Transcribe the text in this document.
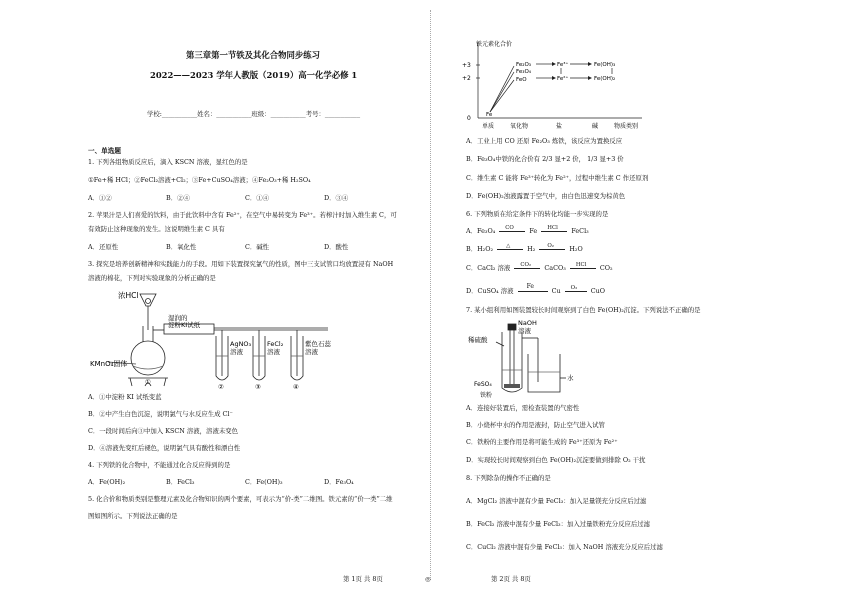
第三章第一节铁及其化合物同步练习
2022——2023 学年人教版（2019）高一化学必修 1
学校:___________姓名：___________班级：___________考号：___________
一、单选题
1. 下列各组物质反应后，滴入 KSCN 溶液，显红色的是
①Fe+稀 HCl；②FeCl₂溶液+Cl₂；③Fe+CuSO₄溶液；④Fe₂O₃+稀 H₂SO₄
A．①②	B．②④	C．①④	D．③④
2. 苹果汁是人们喜爱的饮料，由于此饮料中含有 Fe²⁺，在空气中易转变为 Fe³⁺。若榨汁时加入维生素 C，可
有效防止这种现象的发生。这说明维生素 C 具有
A．还原性	B．氧化性	C．碱性	D．酸性
3. 探究是培养创新精神和实践能力的手段。用如下装置探究氯气的性质，图中三支试管口均放置浸有 NaOH
溶液的棉花，下列对实验现象的分析正确的是
浓HCl
湿润的
淀粉KI试纸
KMnO₄固体
AgNO₃
溶液
FeCl₂
溶液
紫色石蕊
溶液
①
②	③	④
A．①中淀粉 KI 试纸变蓝
B．②中产生白色沉淀，说明氯气与水反应生成 Cl⁻
C．一段时间后向③中加入 KSCN 溶液，溶液未变色
D．④溶液先变红后褪色，说明氯气具有酸性和漂白性
4. 下列铁的化合物中，不能通过化合反应得到的是
A．Fe(OH)₂	B．FeCl₃	C．Fe(OH)₃	D．Fe₃O₄
5. 化合价和物质类别是整理元素及化合物知识的两个要素，可表示为“价-类”二维图。铁元素的“价一类”二维
图如图所示。下列说法正确的是
铁元素化合价
+3
+2
0	Fe
Fe₂O₃
Fe₃O₄
FeO
Fe³⁺
Fe²⁺
Fe(OH)₃
Fe(OH)₂
单质	氧化物	盐	碱	物质类别
A．工业上用 CO 还原 Fe₂O₃ 炼铁，该反应为置换反应
B．Fe₃O₄中铁的化合价有 2/3 显+2 价， 1/3 显+3 价
C．维生素 C 能将 Fe³⁺转化为 Fe²⁺，过程中维生素 C 作还原剂
D．Fe(OH)₂浊液露置于空气中，由白色迅速变为棕黄色
6. 下列物质在给定条件下的转化均能一步实现的是
A．Fe₃O₄ CO Fe HCl FeCl₃
B．H₂O₂ △	H₂ O₂ H₂O
C．CaCl₂ 溶液 CO₂ CaCO₃ HCl CO₂
D．CuSO₄ 溶液
Fe
Cu O₂ CuO
7. 某小组利用如图装置较长时间观察到了白色 Fe(OH)₂沉淀。下列说法不正确的是
NaOH
溶液
稀硫酸
FeSO₄
铁粉
水
A．连接好装置后，需检查装置的气密性
B．小烧杯中水的作用是液封，防止空气进入试管
C．铁粉的主要作用是将可能生成的 Fe³⁺还原为 Fe²⁺
D．实现较长时间观察到白色 Fe(OH)₂沉淀要做到排除 O₂ 干扰
8. 下列除杂的操作不正确的是
A．MgCl₂ 溶液中混有少量 FeCl₃：加入足量镁充分反应后过滤
B．FeCl₂ 溶液中混有少量 FeCl₃：加入过量铁粉充分反应后过滤
C．CuCl₂ 溶液中混有少量 FeCl₃：加入 NaOH 溶液充分反应后过滤
第 1页 共 8页	◎	第 2页 共 8页
